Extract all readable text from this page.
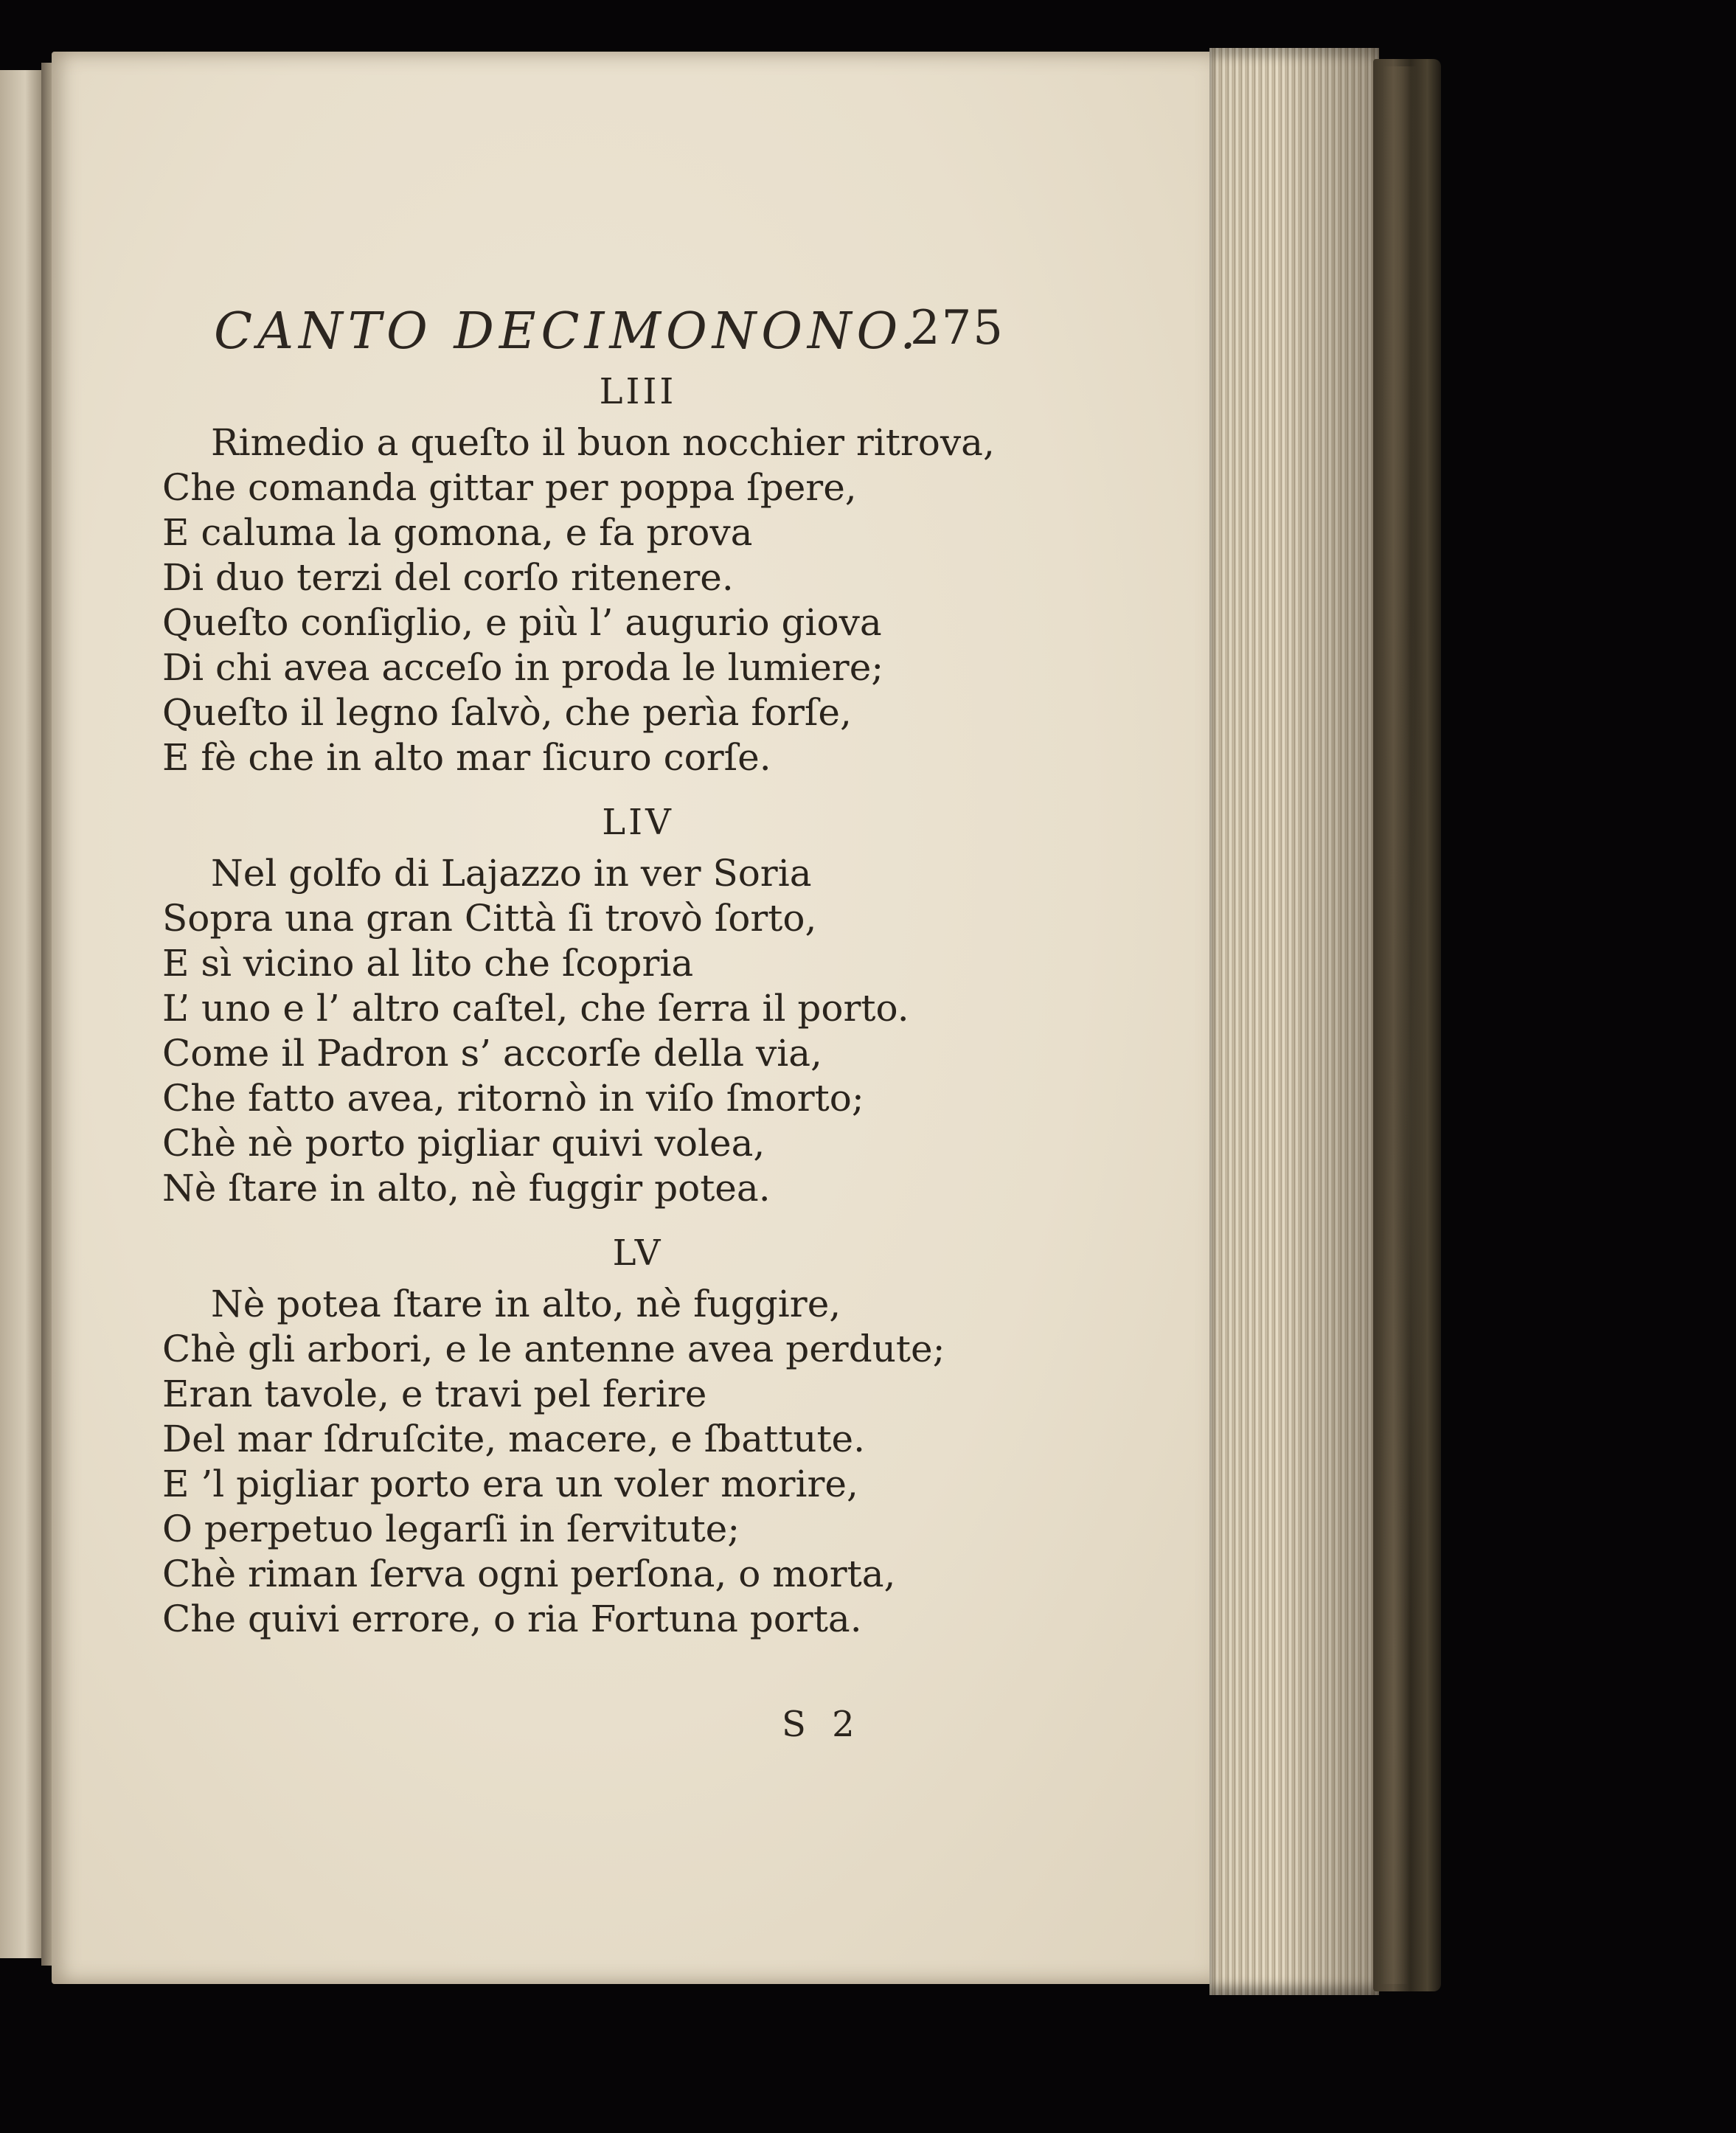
CANTO DECIMONONO.
275
LIII
Rimedio a queſto il buon nocchier ritrova,
Che comanda gittar per poppa ſpere,
E caluma la gomona, e fa prova
Di duo terzi del corſo ritenere.
Queſto conſiglio, e più l’ augurio giova
Di chi avea acceſo in proda le lumiere;
Queſto il legno ſalvò, che perìa forſe,
E fè che in alto mar ſicuro corſe.
LIV
Nel golfo di Lajazzo in ver Soria
Sopra una gran Città ſi trovò ſorto,
E sì vicino al lito che ſcopria
L’ uno e l’ altro caſtel, che ſerra il porto.
Come il Padron s’ accorſe della via,
Che fatto avea, ritornò in viſo ſmorto;
Chè nè porto pigliar quivi volea,
Nè ſtare in alto, nè fuggir potea.
LV
Nè potea ſtare in alto, nè fuggire,
Chè gli arbori, e le antenne avea perdute;
Eran tavole, e travi pel ferire
Del mar ſdruſcite, macere, e ſbattute.
E ’l pigliar porto era un voler morire,
O perpetuo legarſi in ſervitute;
Chè riman ſerva ogni perſona, o morta,
Che quivi errore, o ria Fortuna porta.
S 2
